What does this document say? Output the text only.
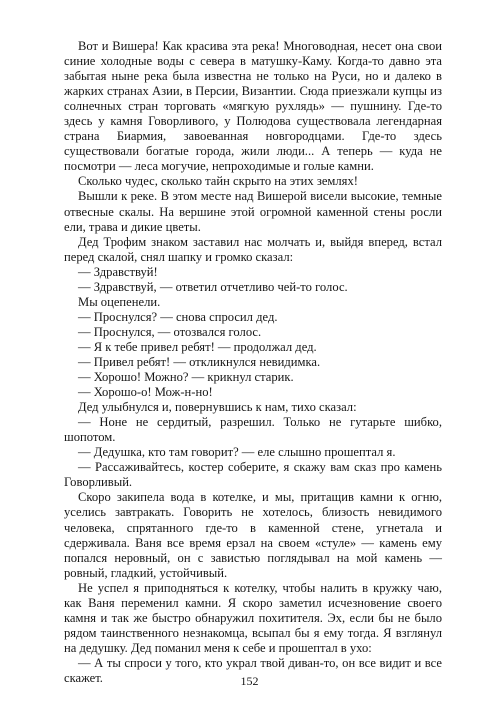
Вот и Вишера! Как красива эта река! Многоводная, несет она свои синие холодные воды с севера в матушку-Каму. Когда-то давно эта забытая ныне река была известна не только на Руси, но и далеко в жарких странах Азии, в Персии, Византии. Сюда приезжали купцы из солнечных стран торговать «мягкую рухлядь» — пушнину. Где-то здесь у камня Говорливого, у Полюдова существовала легендарная страна Биармия, завоеванная новгородцами. Где-то здесь существовали богатые города, жили люди... А теперь — куда не посмотри — леса могучие, непроходимые и голые камни.

Сколько чудес, сколько тайн скрыто на этих землях!

Вышли к реке. В этом месте над Вишерой висели высокие, темные отвесные скалы. На вершине этой огромной каменной стены росли ели, трава и дикие цветы.

Дед Трофим знаком заставил нас молчать и, выйдя вперед, встал перед скалой, снял шапку и громко сказал:

— Здравствуй!

— Здравствуй, — ответил отчетливо чей-то голос.

Мы оцепенели.

— Проснулся? — снова спросил дед.

— Проснулся, — отозвался голос.

— Я к тебе привел ребят! — продолжал дед.

— Привел ребят! — откликнулся невидимка.

— Хорошо! Можно? — крикнул старик.

— Хорошо-о! Мож-н-но!

Дед улыбнулся и, повернувшись к нам, тихо сказал:

— Ноне не сердитый, разрешил. Только не гутарьте шибко, шопотом.

— Дедушка, кто там говорит? — еле слышно прошептал я.

— Рассаживайтесь, костер соберите, я скажу вам сказ про камень Говорливый.

Скоро закипела вода в котелке, и мы, притащив камни к огню, уселись завтракать. Говорить не хотелось, близость невидимого человека, спрятанного где-то в каменной стене, угнетала и сдерживала. Ваня все время ерзал на своем «стуле» — камень ему попался неровный, он с завистью поглядывал на мой камень — ровный, гладкий, устойчивый.

Не успел я приподняться к котелку, чтобы налить в кружку чаю, как Ваня переменил камни. Я скоро заметил исчезновение своего камня и так же быстро обнаружил похитителя. Эх, если бы не было рядом таинственного незнакомца, всыпал бы я ему тогда. Я взглянул на дедушку. Дед поманил меня к себе и прошептал в ухо:

— А ты спроси у того, кто украл твой диван-то, он все видит и все скажет.	152
